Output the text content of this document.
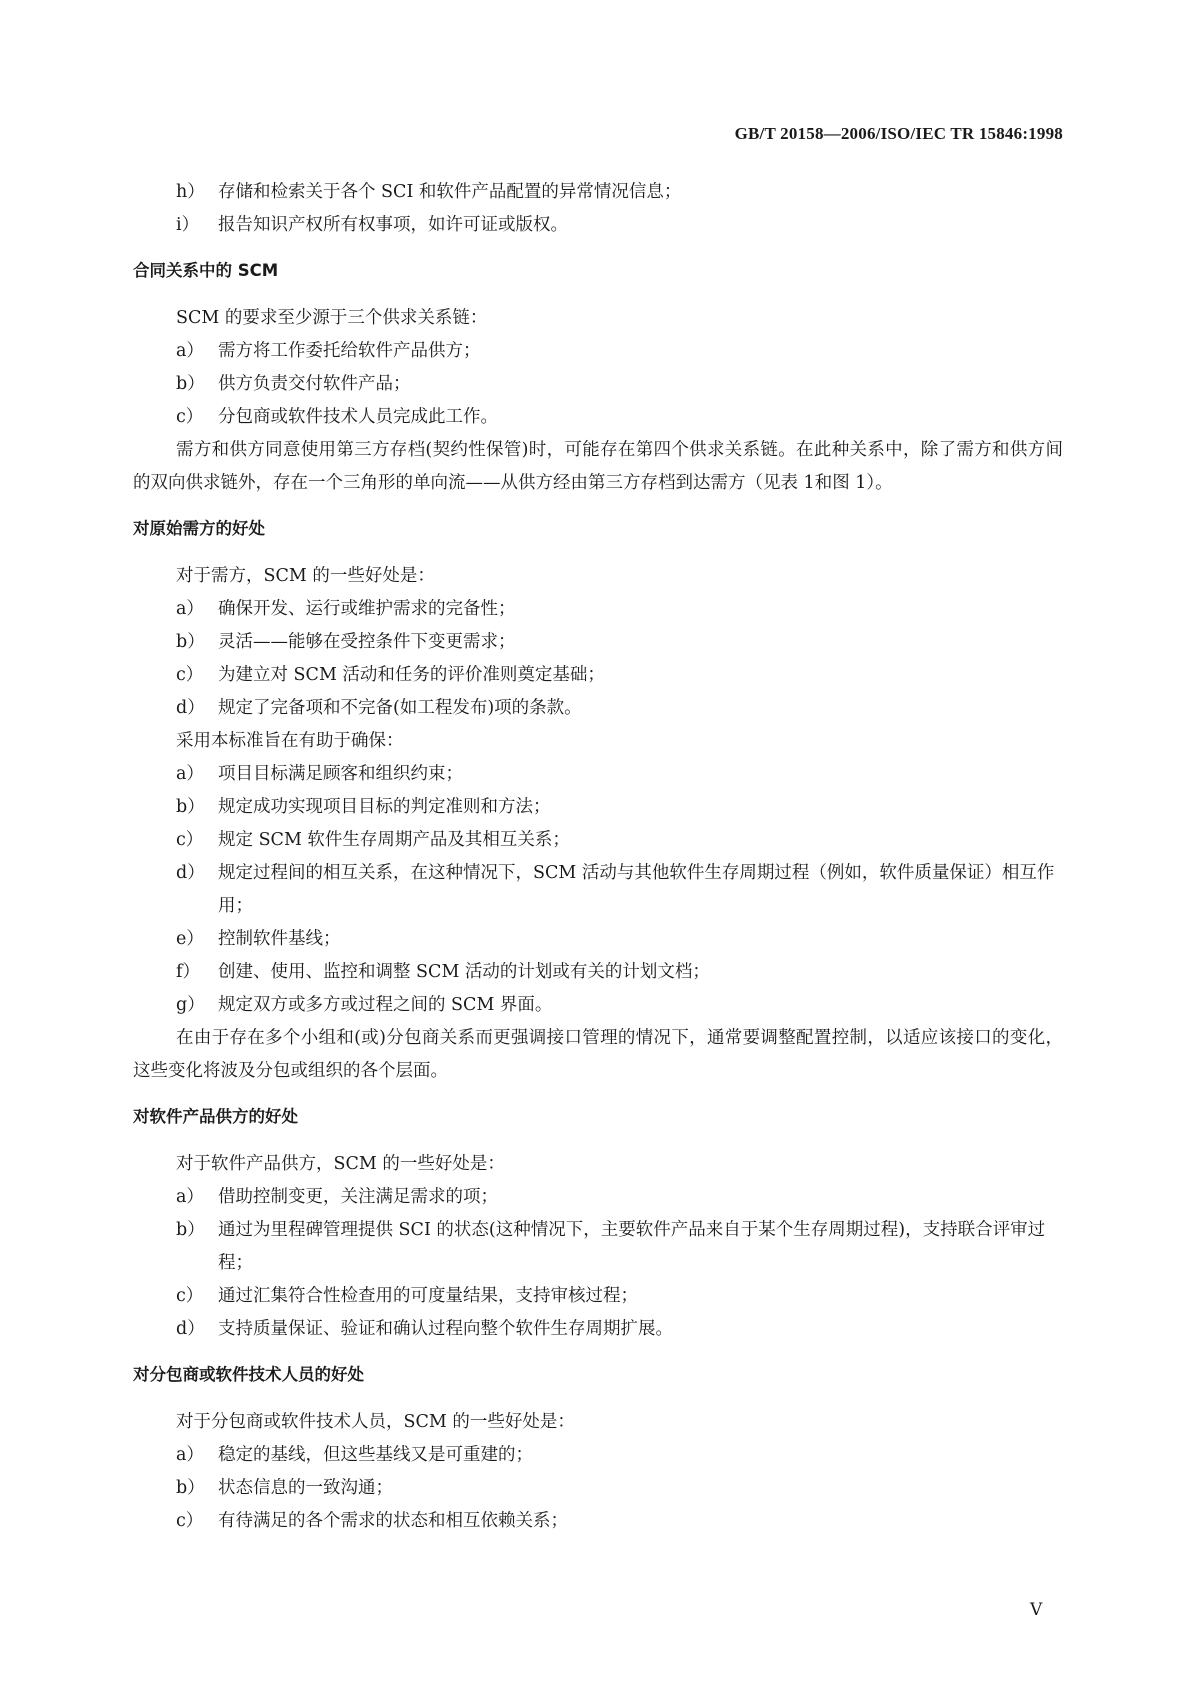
GB/T 20158—2006/ISO/IEC TR 15846:1998
h） 存储和检索关于各个 SCI 和软件产品配置的异常情况信息；
i）	报告知识产权所有权事项，如许可证或版权。
合同关系中的 SCM
SCM 的要求至少源于三个供求关系链：
a） 需方将工作委托给软件产品供方；
b） 供方负责交付软件产品；
c） 分包商或软件技术人员完成此工作。
需方和供方同意使用第三方存档(契约性保管)时，可能存在第四个供求关系链。在此种关系中，除了需方和供方间的双向供求链外，存在一个三角形的单向流——从供方经由第三方存档到达需方（见表 1和图 1）。
对原始需方的好处
对于需方，SCM 的一些好处是：
a） 确保开发、运行或维护需求的完备性；
b） 灵活——能够在受控条件下变更需求；
c） 为建立对 SCM 活动和任务的评价准则奠定基础；
d） 规定了完备项和不完备(如工程发布)项的条款。
采用本标准旨在有助于确保：
a） 项目目标满足顾客和组织约束；
b） 规定成功实现项目目标的判定准则和方法；
c） 规定 SCM 软件生存周期产品及其相互关系；
d） 规定过程间的相互关系，在这种情况下，SCM 活动与其他软件生存周期过程（例如，软件质量保证）相互作用；
e） 控制软件基线；
f）	创建、使用、监控和调整 SCM 活动的计划或有关的计划文档；
g） 规定双方或多方或过程之间的 SCM 界面。
在由于存在多个小组和(或)分包商关系而更强调接口管理的情况下，通常要调整配置控制，以适应该接口的变化，这些变化将波及分包或组织的各个层面。
对软件产品供方的好处
对于软件产品供方，SCM 的一些好处是：
a） 借助控制变更，关注满足需求的项；
b） 通过为里程碑管理提供 SCI 的状态(这种情况下，主要软件产品来自于某个生存周期过程)，支持联合评审过程；
c） 通过汇集符合性检查用的可度量结果，支持审核过程；
d） 支持质量保证、验证和确认过程向整个软件生存周期扩展。
对分包商或软件技术人员的好处
对于分包商或软件技术人员，SCM 的一些好处是：
a） 稳定的基线，但这些基线又是可重建的；
b） 状态信息的一致沟通；
c） 有待满足的各个需求的状态和相互依赖关系；
V
